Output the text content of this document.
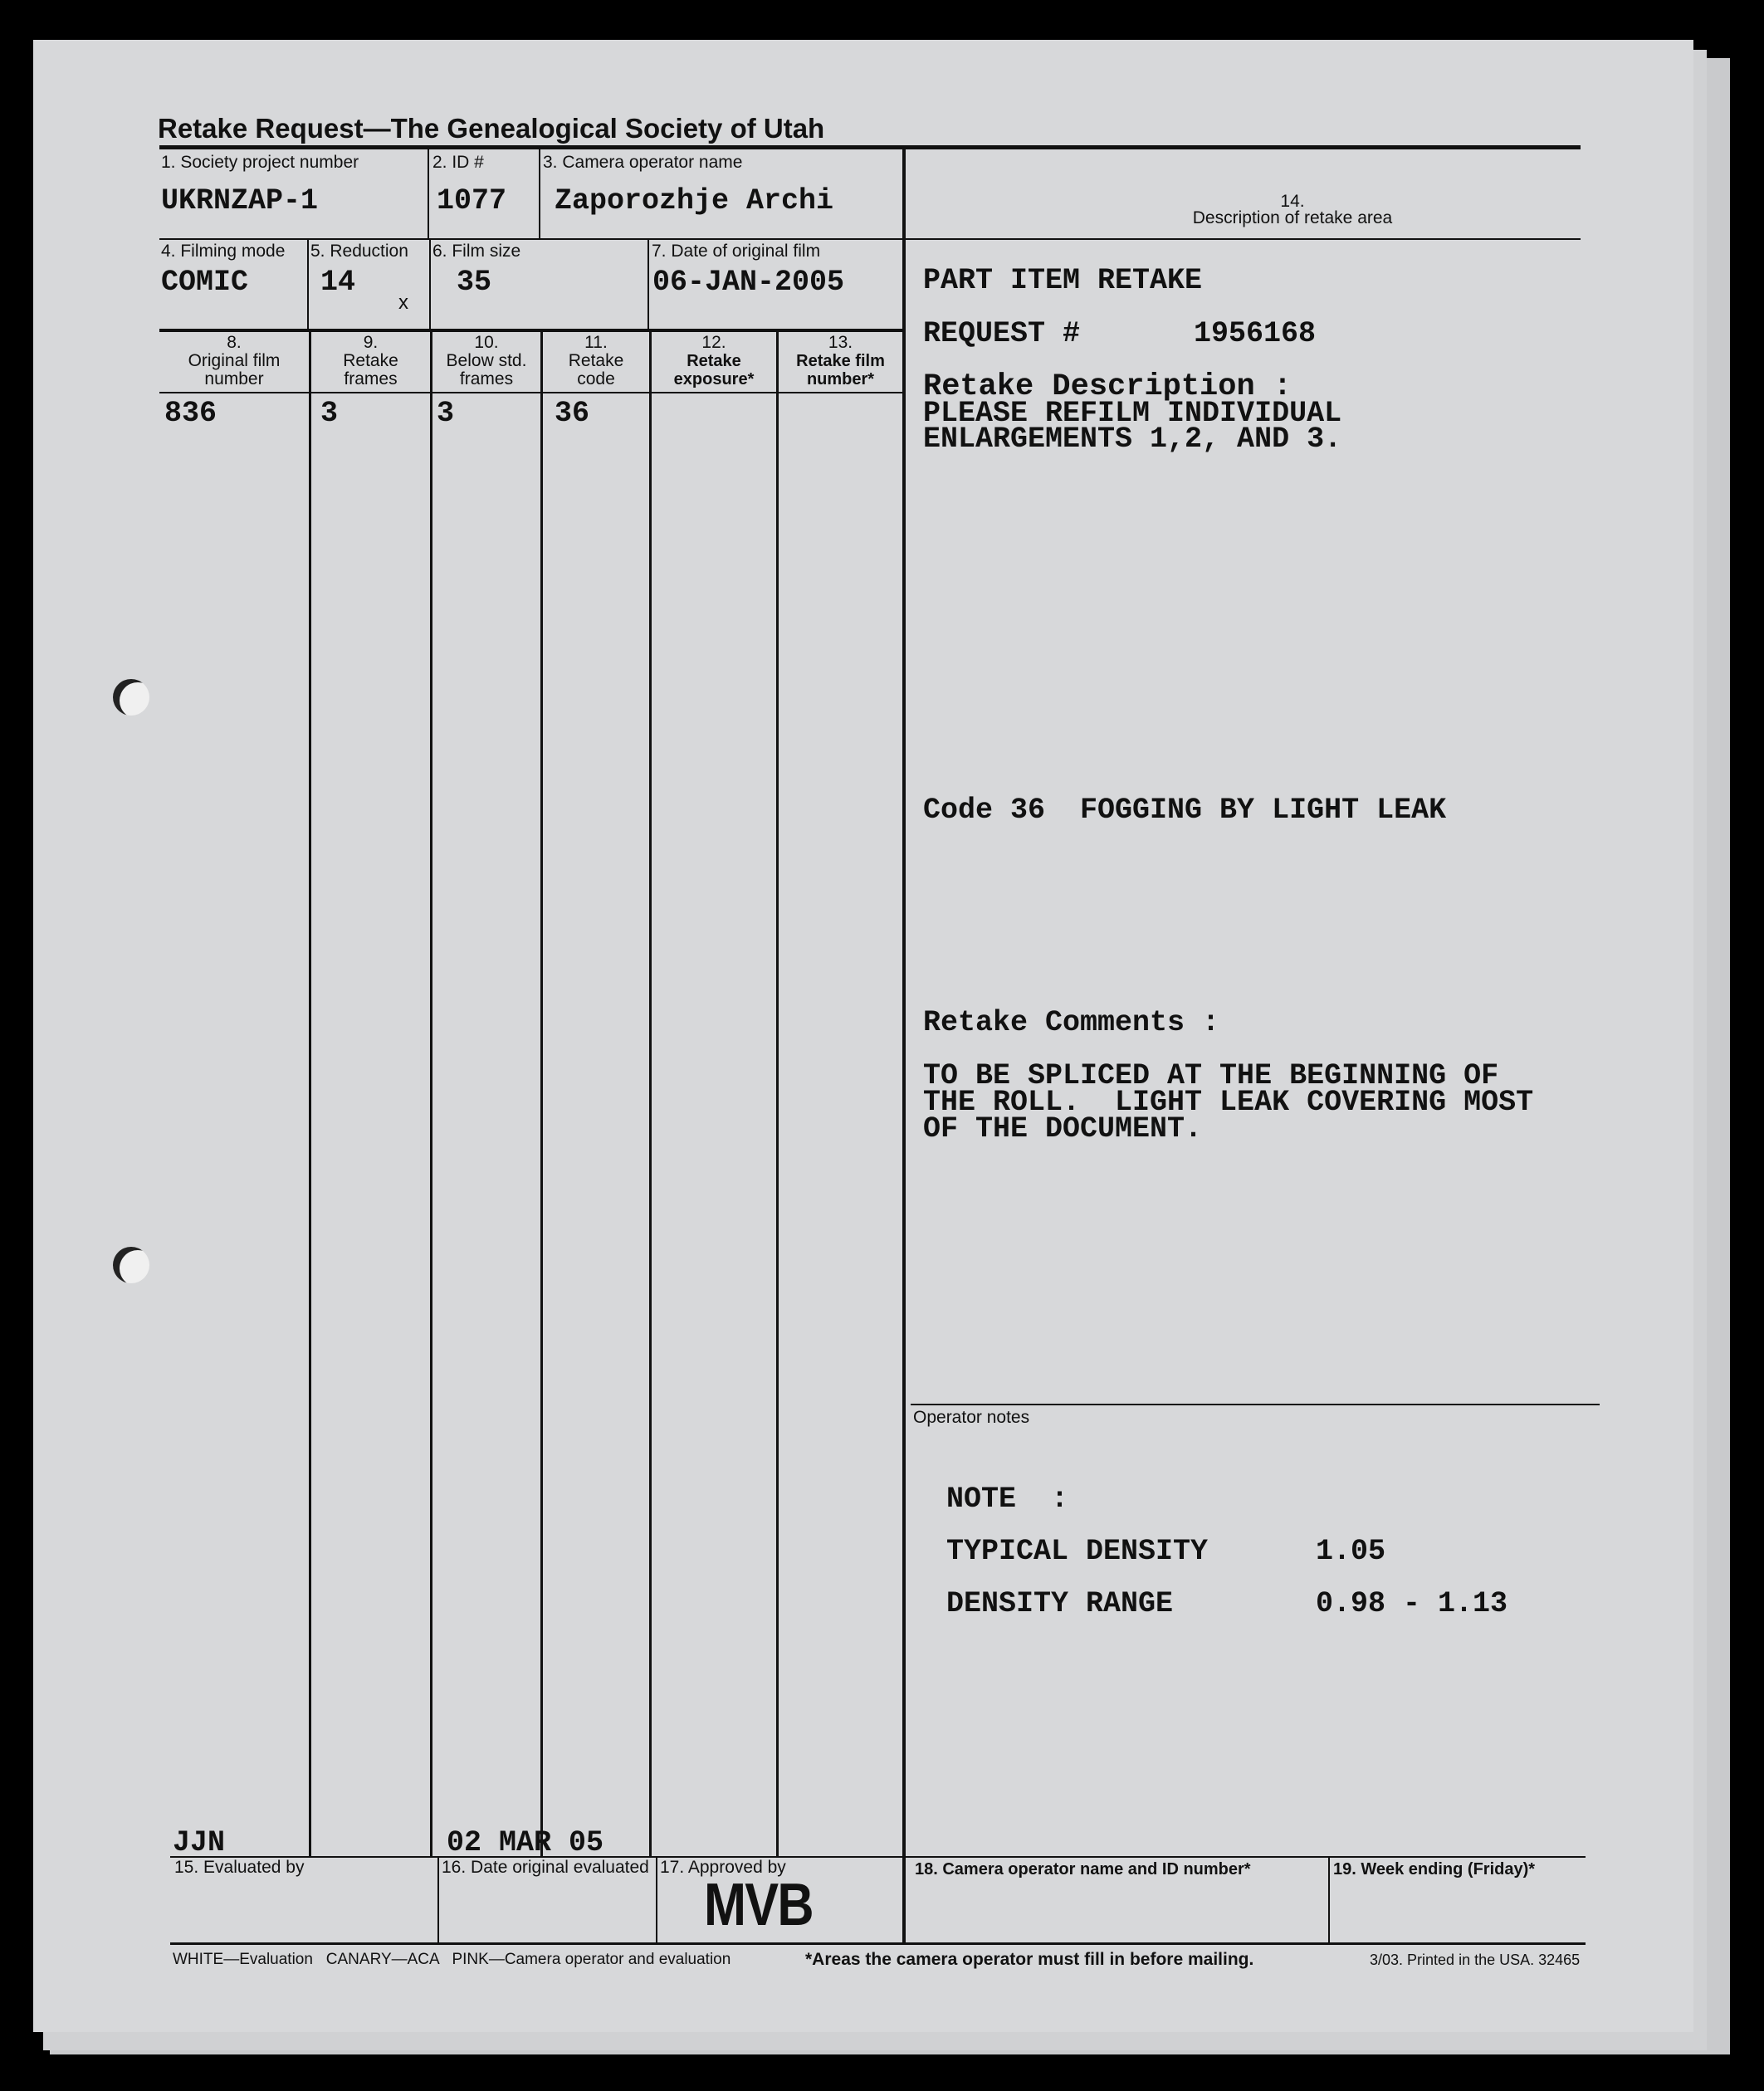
Retake Request—The Genealogical Society of Utah
1. Society project number
UKRNZAP-1
2. ID #
1077
3. Camera operator name
Zaporozhje Archi	14.
Description of retake area
4. Filming mode
COMIC
5. Reduction
14
x
6. Film size
35
7. Date of original film
06-JAN-2005
8.
Original film number
9.
Retake frames
10.
Below std. frames
11.
Retake code
12.
Retake exposure*
13.
Retake film number*
836	3	3	36
PART ITEM RETAKE
REQUEST #	1956168
Retake Description :
PLEASE REFILM INDIVIDUAL
ENLARGEMENTS 1,2, AND 3.
Code 36  FOGGING BY LIGHT LEAK
Retake Comments :
TO BE SPLICED AT THE BEGINNING OF
THE ROLL.  LIGHT LEAK COVERING MOST
OF THE DOCUMENT.
Operator notes
NOTE  :
TYPICAL DENSITY	1.05
DENSITY RANGE	0.98 - 1.13
JJN	02 MAR 05
15. Evaluated by	16. Date original evaluated 17. Approved by
MVB
18. Camera operator name and ID number*	19. Week ending (Friday)*
WHITE—Evaluation   CANARY—ACA   PINK—Camera operator and evaluation	*Areas the camera operator must fill in before mailing.	3/03. Printed in the USA. 32465
